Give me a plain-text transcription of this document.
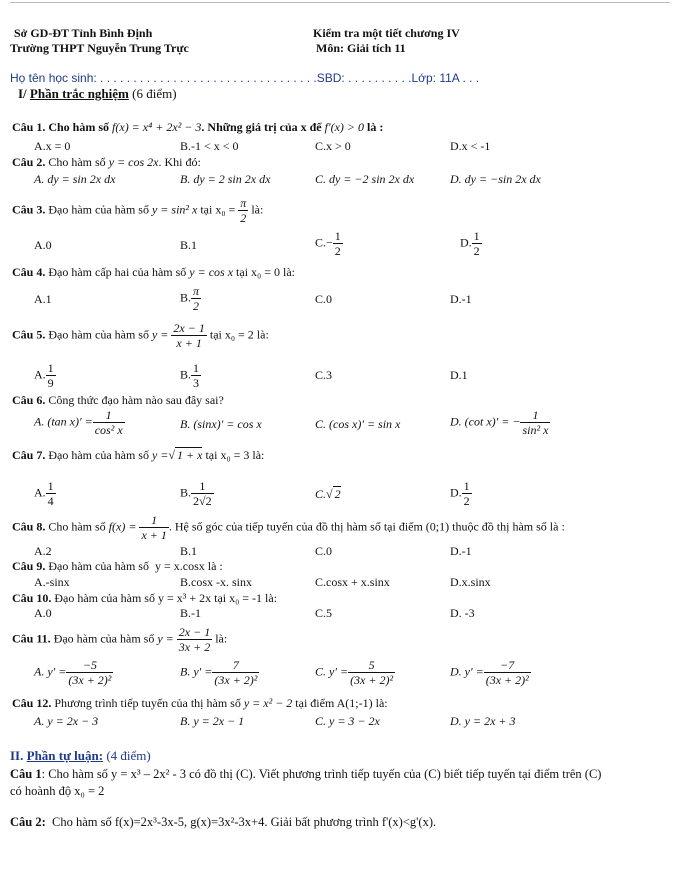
Sở GD-ĐT Tỉnh Bình Định
Trường THPT Nguyễn Trung Trực
Kiểm tra một tiết chương IV
Môn: Giải tích 11
Họ tên học sinh: . . . . . . . . . . . . . . . . . . . . . . . . . . . . . . . . .SBD: . . . . . . . . . .Lớp: 11A . . .
I/ Phần trắc nghiệm (6 điểm)
Câu 1. Cho hàm số f(x) = x⁴ + 2x² − 3. Những giá trị của x để f′(x) > 0 là :
A.x = 0	B.-1 < x < 0	C.x > 0	D.x < -1
Câu 2. Cho hàm số y = cos 2x. Khi đó:
A. dy = sin 2x dx	B. dy = 2 sin 2x dx	C. dy = −2 sin 2x dx	D. dy = −sin 2x dx
Câu 3. Đạo hàm của hàm số y = sin² x tại $x_0 = \frac{\pi}{2}$ là:
A.0	B.1	$C.- \frac{1}{2}$	D. $\frac{1}{2}$
Câu 4. Đạo hàm cấp hai của hàm số y = cos x tại x₀ = 0 là:
A.1	B. $\frac{\pi}{2}$	C.0	D.-1
Câu 5. Đạo hàm của hàm số $y = \frac{2x - 1}{x + 1}$ tại x₀ = 2 là:
A. $\frac{1}{9}$	B. $\frac{1}{3}$	C.3	D.1
Câu 6. Công thức đạo hàm nào sau đây sai?
A. (tan $x)' = \frac{1}{\text{cos² x}}$	B. (sinx)′ = cos x	C. (cos x)′ = sin x	D. (cot x)′ = − $\frac{1}{\text{sin² x}}$
Câu 7. Đạo hàm của hàm số y =√ 1 + x tại x₀ = 3 là:
A. $\frac{1}{4}$	B. $\frac{1}{2√2}$	C.√ 2	D. $\frac{1}{2}$
Câu 8. Cho hàm số $f(x) = \frac{1}{x + 1}$ . Hệ số góc của tiếp tuyến của đồ thị hàm số tại điểm (0;1) thuộc đồ thị hàm số là :
A.2	B.1	C.0	D.-1
Câu 9. Đạo hàm của hàm số y = x.cosx là :
A.-sinx	B.cosx -x. sinx	C.cosx + x.sinx	D.x.sinx
Câu 10. Đạo hàm của hàm số y = x³ + 2x tại x₀ = -1 là:
A.0	B.-1	C.5	D. -3
Câu 11. Đạo hàm của hàm số $y = \frac{2x - 1}{3x + 2}$ là:
A. $y' = \frac{-5}{\text{(3x + 2)²}}$	B. $y' = \frac{7}{\text{(3x + 2)²}}$	C. $y' = \frac{5}{\text{(3x + 2)²}}$	D. $y' = \frac{-7}{\text{(3x + 2)²}}$
Câu 12. Phương trình tiếp tuyến của thị hàm số y = x² − 2 tại điểm A(1;-1) là:
A. y = 2x − 3	B. y = 2x − 1	C. y = 3 − 2x	D. y = 2x + 3
II. Phần tự luận: (4 điểm)
Câu 1: Cho hàm số y = x³ – 2x² - 3 có đồ thị (C). Viết phương trình tiếp tuyến của (C) biết tiếp tuyến tại điểm trên (C)
có hoành độ x₀ = 2
Câu 2: Cho hàm số f(x)=2x³-3x-5, g(x)=3x²-3x+4. Giải bất phương trình f'(x)<g'(x).
